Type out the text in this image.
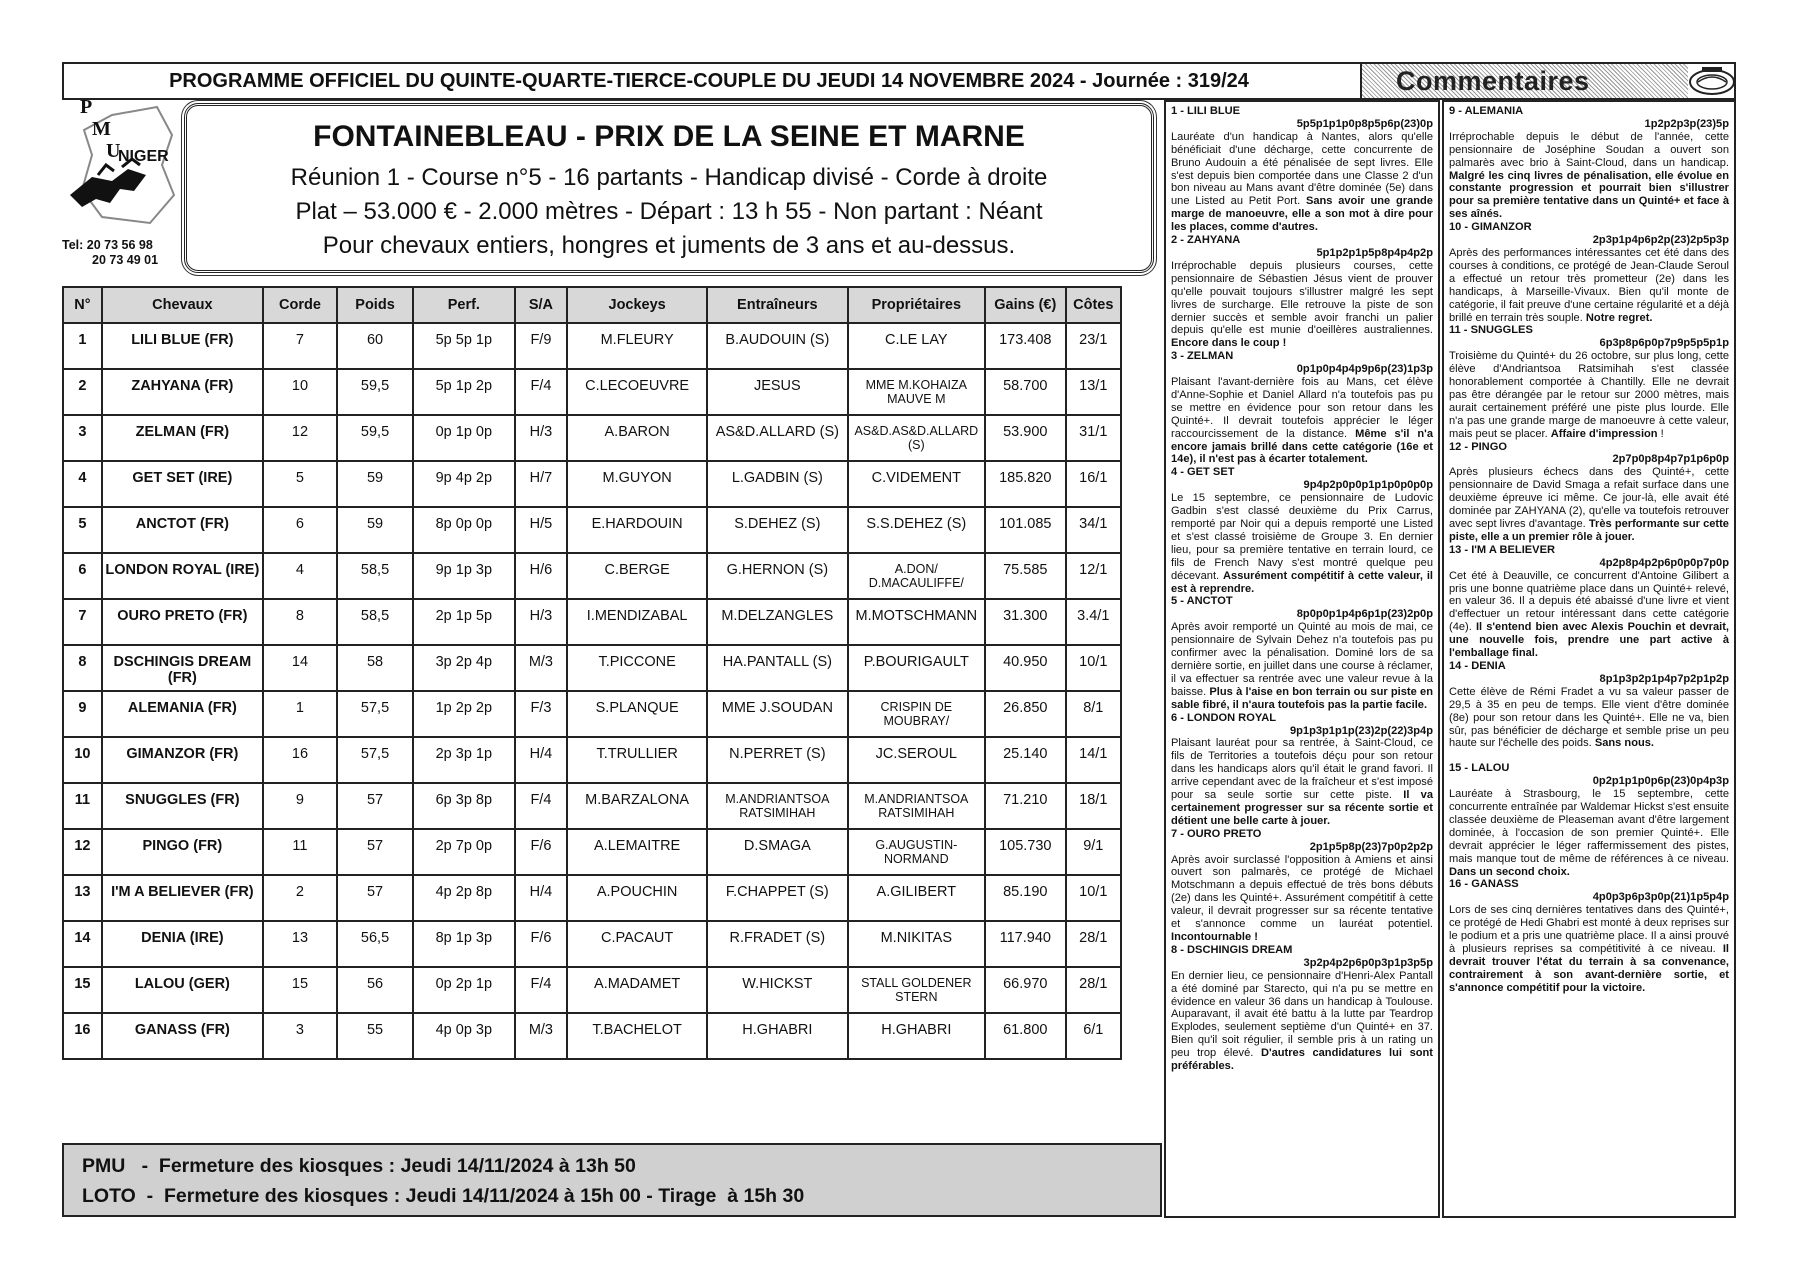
PROGRAMME OFFICIEL DU QUINTE-QUARTE-TIERCE-COUPLE DU JEUDI 14 NOVEMBRE 2024 - Journée : 319/24	Commentaires
P
M
U
NIGER
Tel: 20 73 56 98
20 73 49 01
FONTAINEBLEAU - PRIX DE LA SEINE ET MARNE
Réunion 1 - Course n°5 - 16 partants - Handicap divisé - Corde à droite
Plat – 53.000 € - 2.000 mètres - Départ : 13 h 55 - Non partant : Néant
Pour chevaux entiers, hongres et juments de 3 ans et au-dessus.
N°	Chevaux	Corde	Poids	Perf.	S/A	Jockeys	Entraîneurs	Propriétaires	Gains (€)	Côtes
1	LILI BLUE (FR)	7	60	5p 5p 1p	F/9	M.FLEURY	B.AUDOUIN (S)	C.LE LAY	173.408	23/1
2	ZAHYANA (FR)	10	59,5	5p 1p 2p	F/4	C.LECOEUVRE	JESUS	MME M.KOHAIZA MAUVE M	58.700	13/1
3	ZELMAN (FR)	12	59,5	0p 1p 0p	H/3	A.BARON	AS&D.ALLARD (S)	AS&D.AS&D.ALLARD (S)	53.900	31/1
4	GET SET (IRE)	5	59	9p 4p 2p	H/7	M.GUYON	L.GADBIN (S)	C.VIDEMENT	185.820	16/1
5	ANCTOT (FR)	6	59	8p 0p 0p	H/5	E.HARDOUIN	S.DEHEZ (S)	S.S.DEHEZ (S)	101.085	34/1
6	LONDON ROYAL (IRE)	4	58,5	9p 1p 3p	H/6	C.BERGE	G.HERNON (S)	A.DON/ D.MACAULIFFE/	75.585	12/1
7	OURO PRETO (FR)	8	58,5	2p 1p 5p	H/3	I.MENDIZABAL	M.DELZANGLES	M.MOTSCHMANN	31.300	3.4/1
8	DSCHINGIS DREAM (FR)	14	58	3p 2p 4p	M/3	T.PICCONE	HA.PANTALL (S)	P.BOURIGAULT	40.950	10/1
9	ALEMANIA (FR)	1	57,5	1p 2p 2p	F/3	S.PLANQUE	MME J.SOUDAN	CRISPIN DE MOUBRAY/	26.850	8/1
10	GIMANZOR (FR)	16	57,5	2p 3p 1p	H/4	T.TRULLIER	N.PERRET (S)	JC.SEROUL	25.140	14/1
11	SNUGGLES (FR)	9	57	6p 3p 8p	F/4	M.BARZALONA	M.ANDRIANTSOA RATSIMIHAH	M.ANDRIANTSOA RATSIMIHAH	71.210	18/1
12	PINGO (FR)	11	57	2p 7p 0p	F/6	A.LEMAITRE	D.SMAGA	G.AUGUSTIN-NORMAND	105.730	9/1
13	I'M A BELIEVER (FR)	2	57	4p 2p 8p	H/4	A.POUCHIN	F.CHAPPET (S)	A.GILIBERT	85.190	10/1
14	DENIA (IRE)	13	56,5	8p 1p 3p	F/6	C.PACAUT	R.FRADET (S)	M.NIKITAS	117.940	28/1
15	LALOU (GER)	15	56	0p 2p 1p	F/4	A.MADAMET	W.HICKST	STALL GOLDENER STERN	66.970	28/1
16	GANASS (FR)	3	55	4p 0p 3p	M/3	T.BACHELOT	H.GHABRI	H.GHABRI	61.800	6/1
PMU   -  Fermeture des kiosques : Jeudi 14/11/2024 à 13h 50
LOTO  -  Fermeture des kiosques : Jeudi 14/11/2024 à 15h 00 - Tirage  à 15h 30
1 - LILI BLUE
5p5p1p1p0p8p5p6p(23)0p
Lauréate d'un handicap à Nantes, alors qu'elle bénéficiait d'une décharge, cette concurrente de Bruno Audouin a été pénalisée de sept livres. Elle s'est depuis bien comportée dans une Classe 2 d'un bon niveau au Mans avant d'être dominée (5e) dans une Listed au Petit Port. Sans avoir une grande marge de manoeuvre, elle a son mot à dire pour les places, comme d'autres.
2 - ZAHYANA
5p1p2p1p5p8p4p4p2p
Irréprochable depuis plusieurs courses, cette pensionnaire de Sébastien Jésus vient de prouver qu'elle pouvait toujours s'illustrer malgré les sept livres de surcharge. Elle retrouve la piste de son dernier succès et semble avoir franchi un palier depuis qu'elle est munie d'oeillères australiennes. Encore dans le coup !
3 - ZELMAN
0p1p0p4p4p9p6p(23)1p3p
Plaisant l'avant-dernière fois au Mans, cet élève d'Anne-Sophie et Daniel Allard n'a toutefois pas pu se mettre en évidence pour son retour dans les Quinté+. Il devrait toutefois apprécier le léger raccourcissement de la distance. Même s'il n'a encore jamais brillé dans cette catégorie (16e et 14e), il n'est pas à écarter totalement.
4 - GET SET
9p4p2p0p0p1p1p0p0p0p
Le 15 septembre, ce pensionnaire de Ludovic Gadbin s'est classé deuxième du Prix Carrus, remporté par Noir qui a depuis remporté une Listed et s'est classé troisième de Groupe 3. En dernier lieu, pour sa première tentative en terrain lourd, ce fils de French Navy s'est montré quelque peu décevant. Assurément compétitif à cette valeur, il est à reprendre.
5 - ANCTOT
8p0p0p1p4p6p1p(23)2p0p
Après avoir remporté un Quinté au mois de mai, ce pensionnaire de Sylvain Dehez n'a toutefois pas pu confirmer avec la pénalisation. Dominé lors de sa dernière sortie, en juillet dans une course à réclamer, il va effectuer sa rentrée avec une valeur revue à la baisse. Plus à l'aise en bon terrain ou sur piste en sable fibré, il n'aura toutefois pas la partie facile.
6 - LONDON ROYAL
9p1p3p1p1p(23)2p(22)3p4p
Plaisant lauréat pour sa rentrée, à Saint-Cloud, ce fils de Territories a toutefois déçu pour son retour dans les handicaps alors qu'il était le grand favori. Il arrive cependant avec de la fraîcheur et s'est imposé pour sa seule sortie sur cette piste. Il va certainement progresser sur sa récente sortie et détient une belle carte à jouer.
7 - OURO PRETO
2p1p5p8p(23)7p0p2p2p
Après avoir surclassé l'opposition à Amiens et ainsi ouvert son palmarès, ce protégé de Michael Motschmann a depuis effectué de très bons débuts (2e) dans les Quinté+. Assurément compétitif à cette valeur, il devrait progresser sur sa récente tentative et s'annonce comme un lauréat potentiel. Incontournable !
8 - DSCHINGIS DREAM
3p2p4p2p6p0p3p1p3p5p
En dernier lieu, ce pensionnaire d'Henri-Alex Pantall a été dominé par Starecto, qui n'a pu se mettre en évidence en valeur 36 dans un handicap à Toulouse. Auparavant, il avait été battu à la lutte par Teardrop Explodes, seulement septième d'un Quinté+ en 37. Bien qu'il soit régulier, il semble pris à un rating un peu trop élevé. D'autres candidatures lui sont préférables.
9 - ALEMANIA
1p2p2p3p(23)5p
Irréprochable depuis le début de l'année, cette pensionnaire de Joséphine Soudan a ouvert son palmarès avec brio à Saint-Cloud, dans un handicap. Malgré les cinq livres de pénalisation, elle évolue en constante progression et pourrait bien s'illustrer pour sa première tentative dans un Quinté+ et face à ses aînés.
10 - GIMANZOR
2p3p1p4p6p2p(23)2p5p3p
Après des performances intéressantes cet été dans des courses à conditions, ce protégé de Jean-Claude Seroul a effectué un retour très prometteur (2e) dans les handicaps, à Marseille-Vivaux. Bien qu'il monte de catégorie, il fait preuve d'une certaine régularité et a déjà brillé en terrain très souple. Notre regret.
11 - SNUGGLES
6p3p8p6p0p7p9p5p5p1p
Troisième du Quinté+ du 26 octobre, sur plus long, cette élève d'Andriantsoa Ratsimihah s'est classée honorablement comportée à Chantilly. Elle ne devrait pas être dérangée par le retour sur 2000 mètres, mais aurait certainement préféré une piste plus lourde. Elle n'a pas une grande marge de manoeuvre à cette valeur, mais peut se placer. Affaire d'impression !
12 - PINGO
2p7p0p8p4p7p1p6p0p
Après plusieurs échecs dans des Quinté+, cette pensionnaire de David Smaga a refait surface dans une deuxième épreuve ici même. Ce jour-là, elle avait été dominée par ZAHYANA (2), qu'elle va toutefois retrouver avec sept livres d'avantage. Très performante sur cette piste, elle a un premier rôle à jouer.
13 - I'M A BELIEVER
4p2p8p4p2p6p0p0p7p0p
Cet été à Deauville, ce concurrent d'Antoine Gilibert a pris une bonne quatrième place dans un Quinté+ relevé, en valeur 36. Il a depuis été abaissé d'une livre et vient d'effectuer un retour intéressant dans cette catégorie (4e). Il s'entend bien avec Alexis Pouchin et devrait, une nouvelle fois, prendre une part active à l'emballage final.
14 - DENIA
8p1p3p2p1p4p7p2p1p2p
Cette élève de Rémi Fradet a vu sa valeur passer de 29,5 à 35 en peu de temps. Elle vient d'être dominée (8e) pour son retour dans les Quinté+. Elle ne va, bien sûr, pas bénéficier de décharge et semble prise un peu haute sur l'échelle des poids. Sans nous.
15 - LALOU
0p2p1p1p0p6p(23)0p4p3p
Lauréate à Strasbourg, le 15 septembre, cette concurrente entraînée par Waldemar Hickst s'est ensuite classée deuxième de Pleaseman avant d'être largement dominée, à l'occasion de son premier Quinté+. Elle devrait apprécier le léger raffermissement des pistes, mais manque tout de même de références à ce niveau. Dans un second choix.
16 - GANASS
4p0p3p6p3p0p(21)1p5p4p
Lors de ses cinq dernières tentatives dans des Quinté+, ce protégé de Hedi Ghabri est monté à deux reprises sur le podium et a pris une quatrième place. Il a ainsi prouvé à plusieurs reprises sa compétitivité à ce niveau. Il devrait trouver l'état du terrain à sa convenance, contrairement à son avant-dernière sortie, et s'annonce compétitif pour la victoire.
